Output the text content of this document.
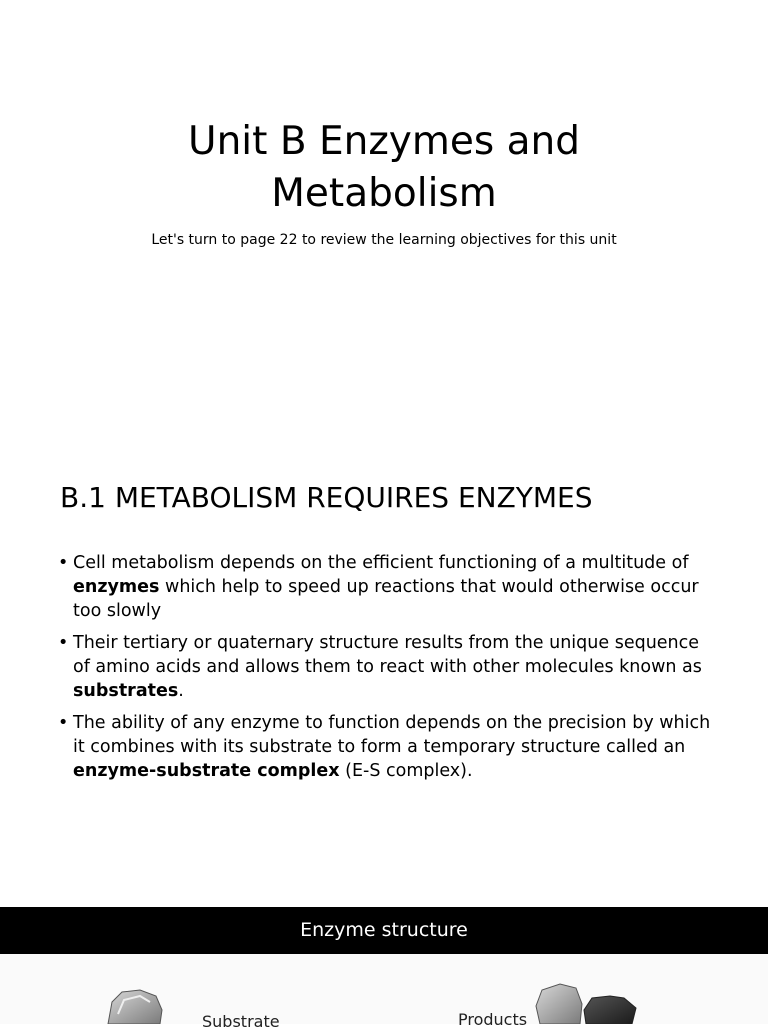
Unit B Enzymes and
Metabolism
Let's turn to page 22 to review the learning objectives for this unit
B.1 METABOLISM REQUIRES ENZYMES
• Cell metabolism depends on the efficient functioning of a multitude of enzymes which help to speed up reactions that would otherwise occur too slowly
• Their tertiary or quaternary structure results from the unique sequence of amino acids and allows them to react with other molecules known as substrates.
• The ability of any enzyme to function depends on the precision by which it combines with its substrate to form a temporary structure called an enzyme-substrate complex (E-S complex).
Enzyme structure
Substrate	Products
